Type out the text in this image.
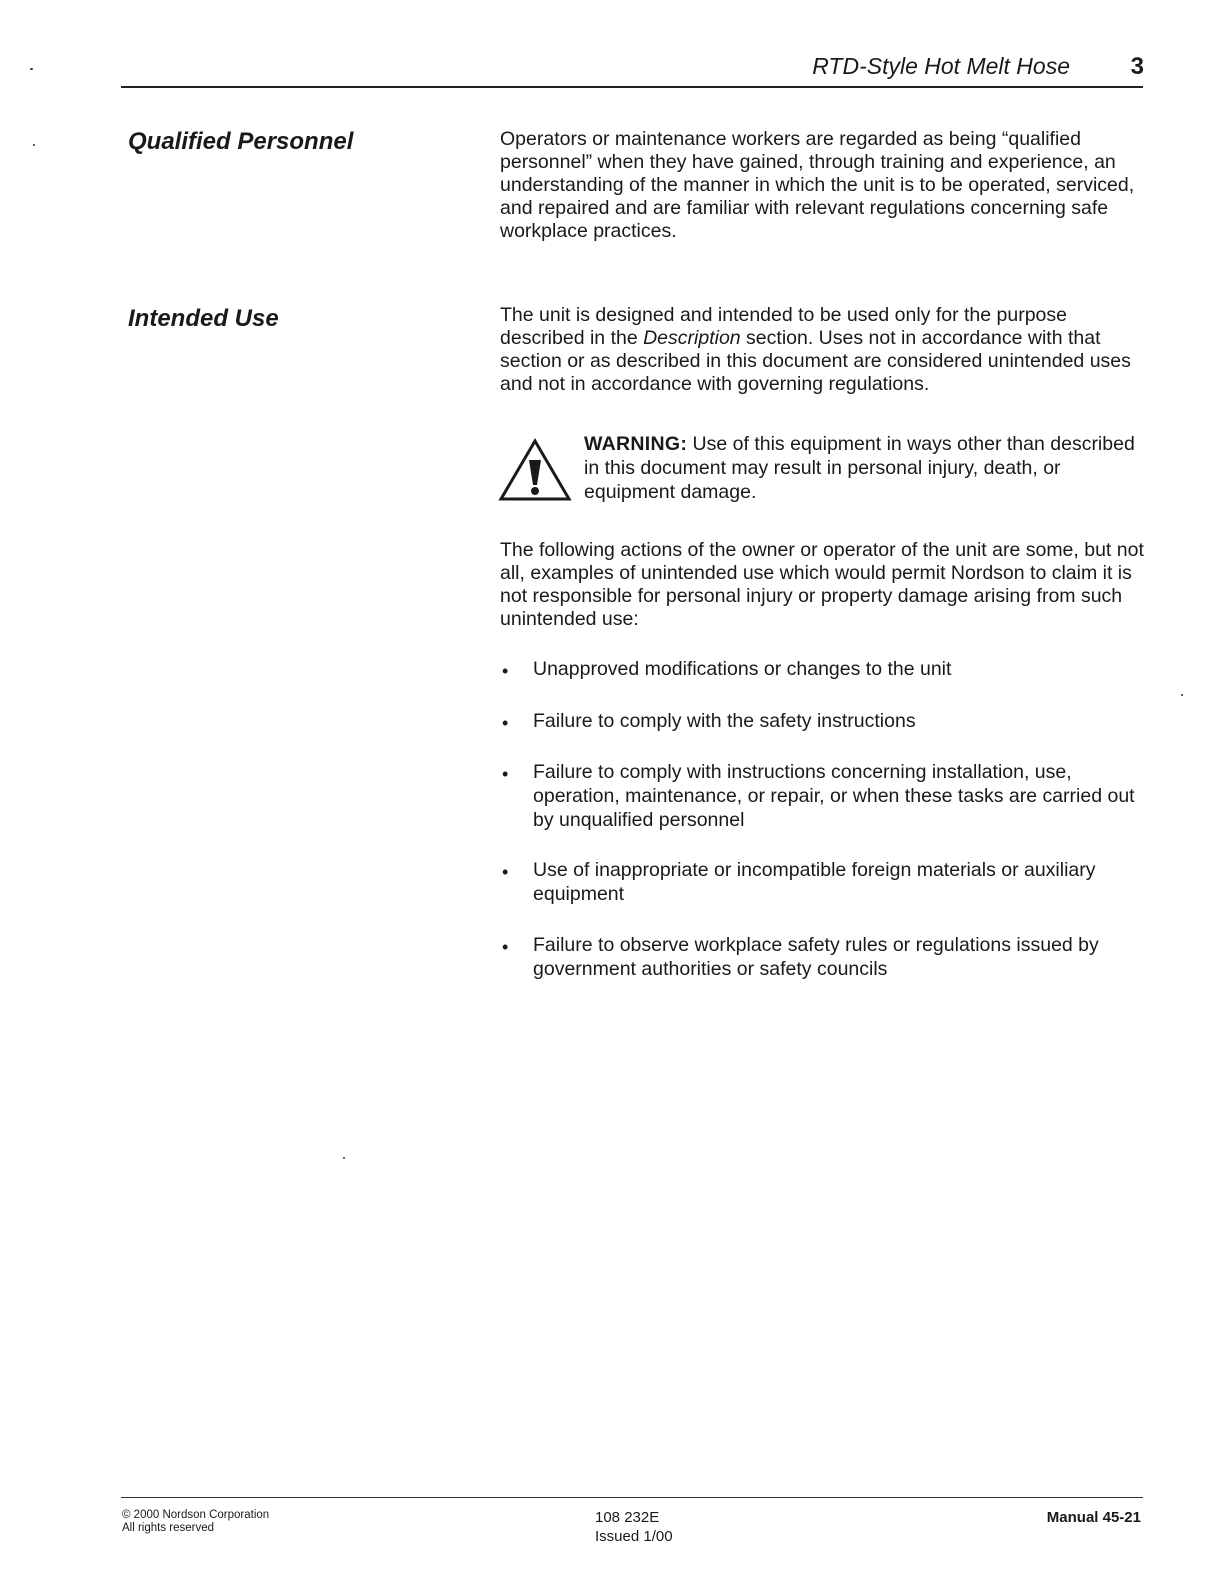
RTD-Style Hot Melt Hose	3
Qualified Personnel	Operators or maintenance workers are regarded as being “qualified personnel” when they have gained, through training and experience, an understanding of the manner in which the unit is to be operated, serviced, and repaired and are familiar with relevant regulations concerning safe workplace practices.

Intended Use	The unit is designed and intended to be used only for the purpose described in the Description section. Uses not in accordance with that section or as described in this document are considered unintended uses and not in accordance with governing regulations.

WARNING: Use of this equipment in ways other than described in this document may result in personal injury, death, or equipment damage.

The following actions of the owner or operator of the unit are some, but not all, examples of unintended use which would permit Nordson to claim it is not responsible for personal injury or property damage arising from such unintended use:

• Unapproved modifications or changes to the unit
• Failure to comply with the safety instructions
• Failure to comply with instructions concerning installation, use, operation, maintenance, or repair, or when these tasks are carried out by unqualified personnel
• Use of inappropriate or incompatible foreign materials or auxiliary equipment
• Failure to observe workplace safety rules or regulations issued by government authorities or safety councils
© 2000 Nordson Corporation
All rights reserved
108 232E
Issued 1/00
Manual 45-21
